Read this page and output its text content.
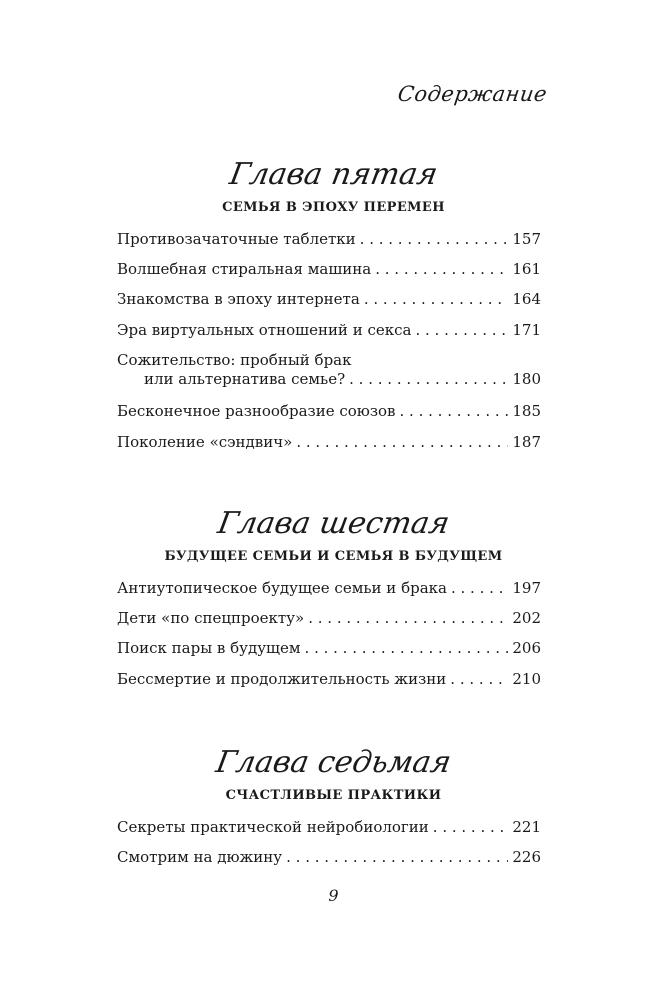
Содержание
Глава пятая
СЕМЬЯ В ЭПОХУ ПЕРЕМЕН
Противозачаточные таблетки . . .	157
Волшебная стиральная машина . . .	161
Знакомства в эпоху интернета . . .	164
Эра виртуальных отношений и секса . . .	171
Сожительство: пробный брак
или альтернатива семье? . . .	180
Бесконечное разнообразие союзов . . .	185
Поколение «сэндвич» . . .	187
Глава шестая
БУДУЩЕЕ СЕМЬИ И СЕМЬЯ В БУДУЩЕМ
Антиутопическое будущее семьи и брака . . .	197
Дети «по спецпроекту» . . .	202
Поиск пары в будущем . . .	206
Бессмертие и продолжительность жизни . . .	210
Глава седьмая
СЧАСТЛИВЫЕ ПРАКТИКИ
Секреты практической нейробиологии . . .	221
Смотрим на дюжину . . .	226
9
